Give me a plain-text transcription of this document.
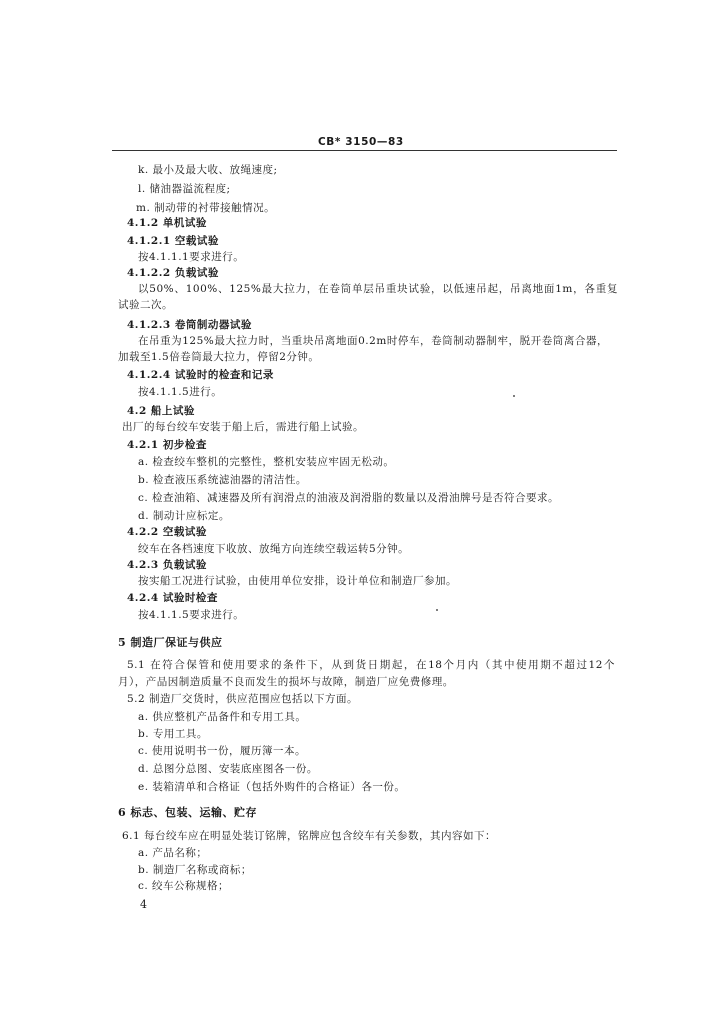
CB* 3150—83
k. 最小及最大收、放绳速度;
l. 储油器溢流程度;
m. 制动带的衬带接触情况。
4.1.2 单机试验
4.1.2.1 空载试验
按4.1.1.1要求进行。
4.1.2.2 负载试验
以50%、100%、125%最大拉力，在卷筒单层吊重块试验，以低速吊起，吊离地面1m，各重复
试验二次。
4.1.2.3 卷筒制动器试验
在吊重为125%最大拉力时，当重块吊离地面0.2m时停车，卷筒制动器制牢，脱开卷筒离合器，
加载至1.5倍卷筒最大拉力，停留2分钟。
4.1.2.4 试验时的检查和记录
按4.1.1.5进行。
4.2 船上试验
出厂的每台绞车安装于船上后，需进行船上试验。
4.2.1 初步检查
a. 检查绞车整机的完整性，整机安装应牢固无松动。
b. 检查液压系统滤油器的清洁性。
c. 检查油箱、减速器及所有润滑点的油液及润滑脂的数量以及滑油牌号是否符合要求。
d. 制动计应标定。
4.2.2 空载试验
绞车在各档速度下收放、放绳方向连续空载运转5分钟。
4.2.3 负载试验
按实船工况进行试验，由使用单位安排，设计单位和制造厂参加。
4.2.4 试验时检查
按4.1.1.5要求进行。
5 制造厂保证与供应
5.1 在符合保管和使用要求的条件下，从到货日期起，在18个月内（其中使用期不超过12个
月），产品因制造质量不良而发生的损坏与故障，制造厂应免费修理。
5.2 制造厂交货时，供应范围应包括以下方面。
a. 供应整机产品备件和专用工具。
b. 专用工具。
c. 使用说明书一份，履历簿一本。
d. 总图分总图、安装底座图各一份。
e. 装箱清单和合格证（包括外购件的合格证）各一份。
6 标志、包装、运输、贮存
6.1 每台绞车应在明显处装订铭牌，铭牌应包含绞车有关参数，其内容如下：
a. 产品名称；
b. 制造厂名称或商标；
c. 绞车公称规格；
4
